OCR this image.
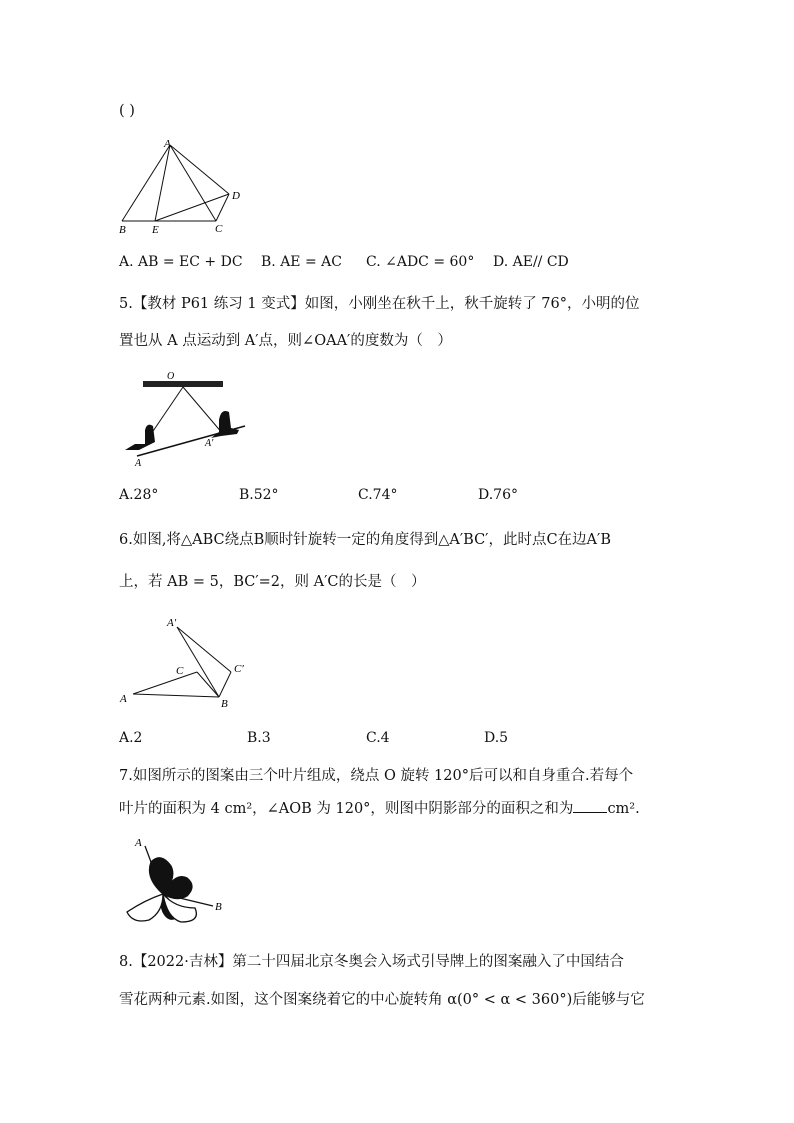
( )
A
B E	C
D
A. AB = EC + DC B. AE = AC C. ∠ADC = 60° D. AE// CD
5.【教材 P61 练习 1 变式】如图，小刚坐在秋千上，秋千旋转了 76°，小明的位
置也从 A 点运动到 A′点，则∠OAA′的度数为（　）
O
A
A′
A.28°	B.52°	C.74°	D.76°
6.如图,将△ABC绕点B顺时针旋转一定的角度得到△A′BC′，此时点C在边A′B
上，若 AB = 5，BC′=2，则 A′C的长是（　）
A′
C	C′
A	B
A.2	B.3	C.4	D.5
7.如图所示的图案由三个叶片组成，绕点 O 旋转 120°后可以和自身重合.若每个
叶片的面积为 4 cm²，∠AOB 为 120°，则图中阴影部分的面积之和为 cm².
A
O	B
8.【2022·吉林】第二十四届北京冬奥会入场式引导牌上的图案融入了中国结合
雪花两种元素.如图，这个图案绕着它的中心旋转角 α(0° < α < 360°)后能够与它
